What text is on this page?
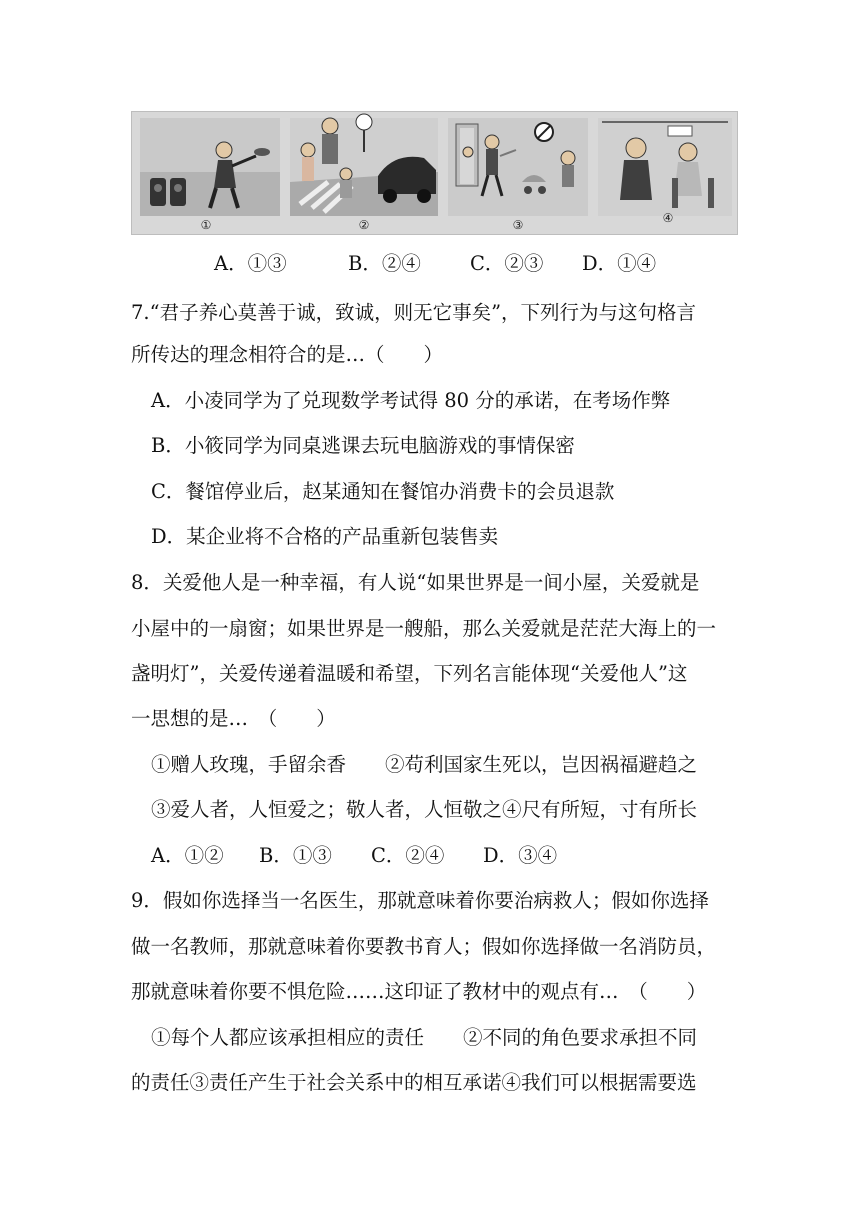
①	②	③	④
A．①③	B．②④	C．②③ D．①④
7.“君子养心莫善于诚，致诚，则无它事矣”，下列行为与这句格言
所传达的理念相符合的是…（　　）
A．小凌同学为了兑现数学考试得 80 分的承诺，在考场作弊
B．小筱同学为同桌逃课去玩电脑游戏的事情保密
C．餐馆停业后，赵某通知在餐馆办消费卡的会员退款
D．某企业将不合格的产品重新包装售卖
8．关爱他人是一种幸福，有人说“如果世界是一间小屋，关爱就是
小屋中的一扇窗；如果世界是一艘船，那么关爱就是茫茫大海上的一
盏明灯”，关爱传递着温暖和希望，下列名言能体现“关爱他人”这
一思想的是…　（　　）
①赠人玫瑰，手留余香　　②苟利国家生死以，岂因祸福避趋之
③爱人者，人恒爱之；敬人者，人恒敬之④尺有所短，寸有所长
A．①② B．①③ C．②④ D．③④
9．假如你选择当一名医生，那就意味着你要治病救人；假如你选择
做一名教师，那就意味着你要教书育人；假如你选择做一名消防员，
那就意味着你要不惧危险……这印证了教材中的观点有…　（　　）
①每个人都应该承担相应的责任　　②不同的角色要求承担不同
的责任③责任产生于社会关系中的相互承诺④我们可以根据需要选
